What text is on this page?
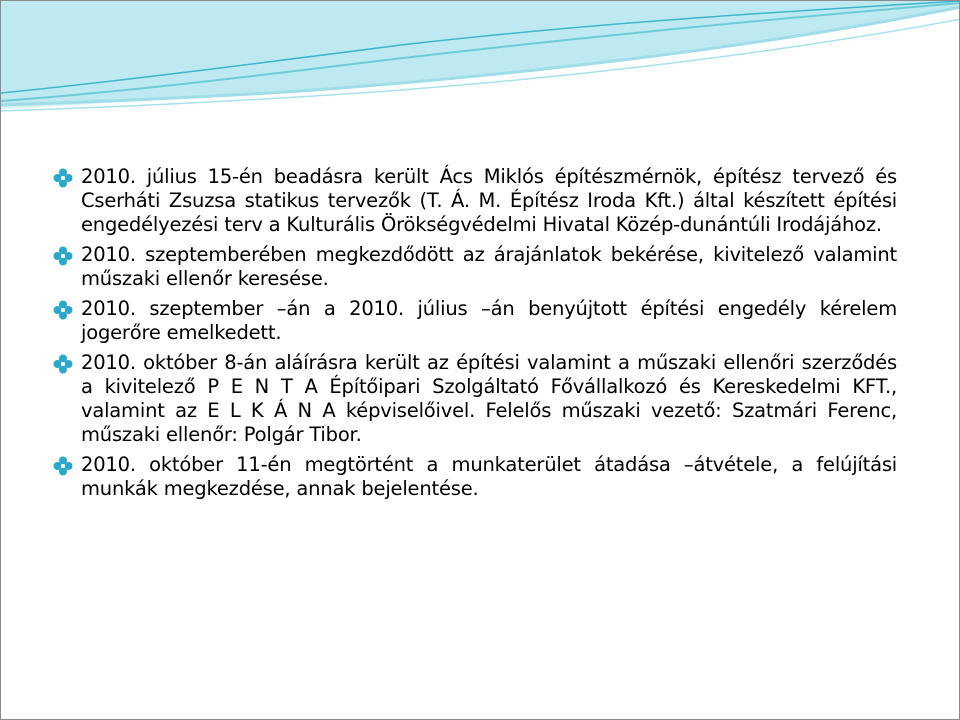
2010. július 15-én beadásra került Ács Miklós építészmérnök, építész tervező és Cserháti Zsuzsa statikus tervezők (T. Á. M. Építész Iroda Kft.) által készített építési engedélyezési terv a Kulturális Örökségvédelmi Hivatal Közép-dunántúli Irodájához.
2010. szeptemberében megkezdődött az árajánlatok bekérése, kivitelező valamint műszaki ellenőr keresése.
2010. szeptember –án a 2010. július –án benyújtott építési engedély kérelem jogerőre emelkedett.
2010. október 8-án aláírásra került az építési valamint a műszaki ellenőri szerződés a kivitelező P E N T A Építőipari Szolgáltató Fővállalkozó és Kereskedelmi KFT., valamint az E L K Á N A képviselőivel. Felelős műszaki vezető: Szatmári Ferenc, műszaki ellenőr: Polgár Tibor.
2010. október 11-én megtörtént a munkaterület átadása –átvétele, a felújítási munkák megkezdése, annak bejelentése.
